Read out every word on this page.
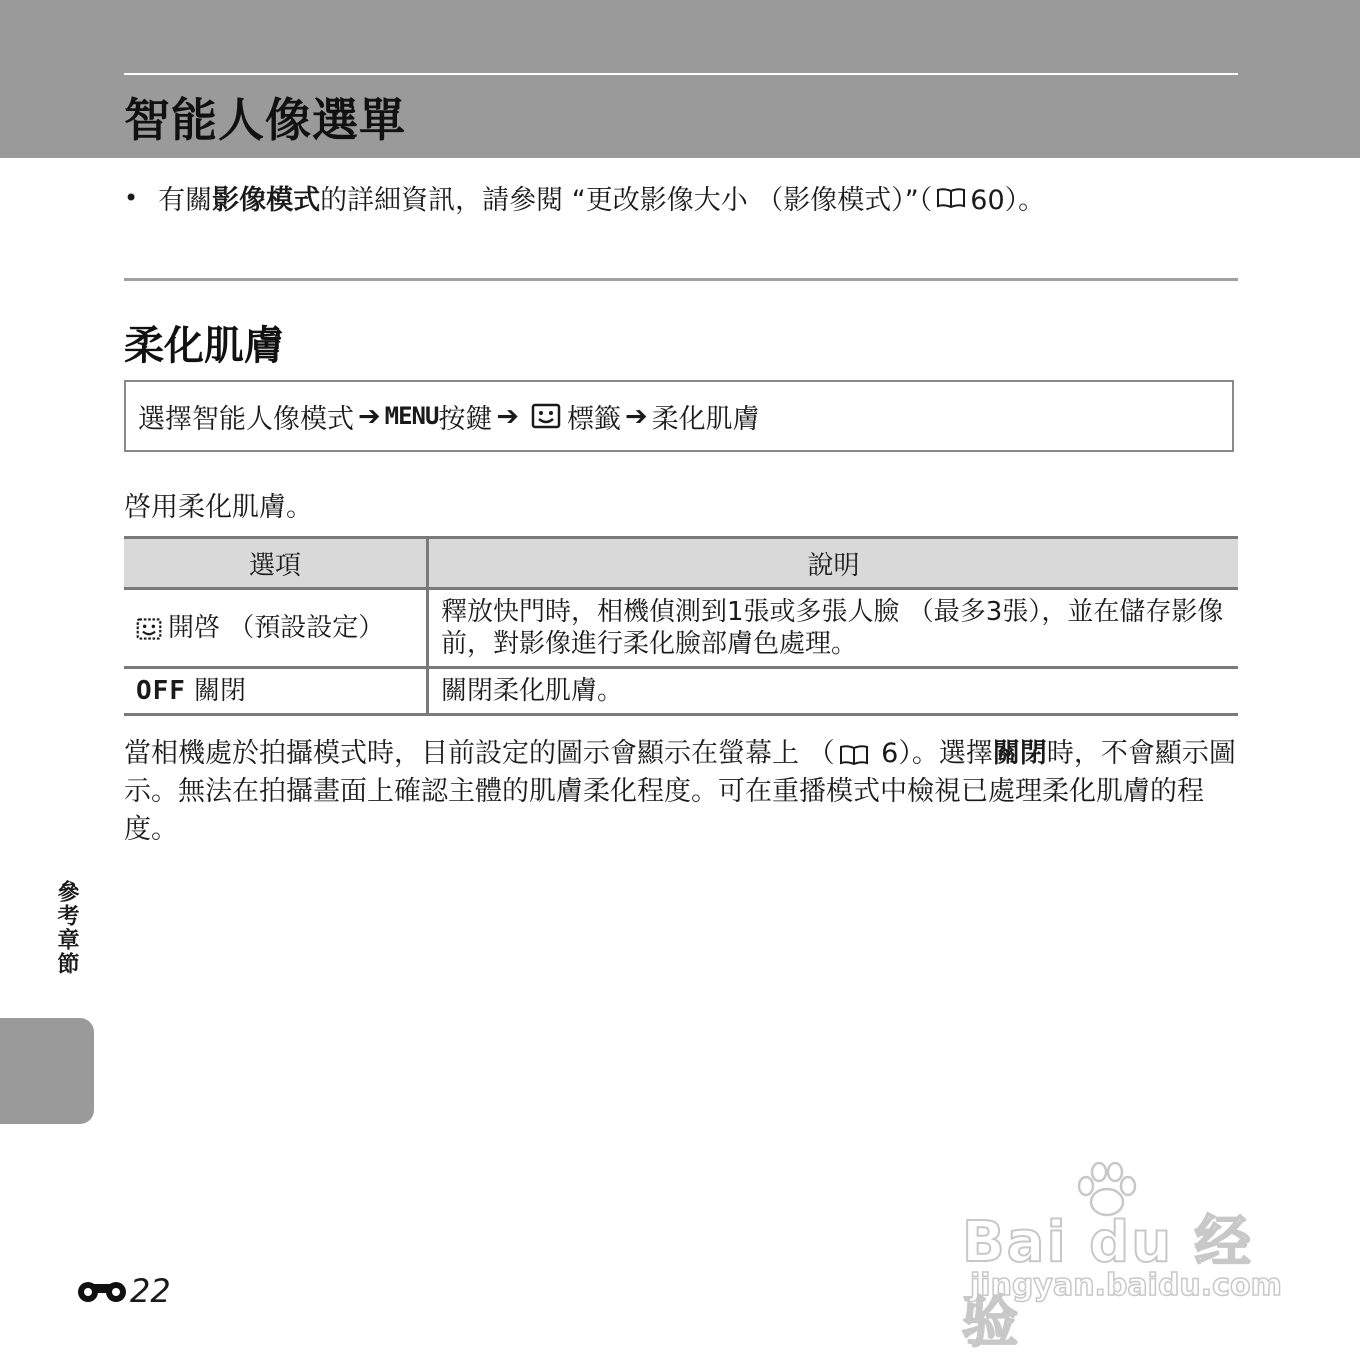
智能人像選單
• 有關 影像模式 的詳細資訊，請參閱 “更改影像大小 （影像模式）”（ 60）。
柔化肌膚
選擇智能人像模式 ➔ MENU 按鍵 ➔ 標籤 ➔ 柔化肌膚
啓用柔化肌膚。
選項	說明
開啓 （預設設定）	釋放快門時，相機偵測到1張或多張人臉 （最多3張），並在儲存影像前，對影像進行柔化臉部膚色處理。
OFF 關閉	關閉柔化肌膚。
當相機處於拍攝模式時，目前設定的圖示會顯示在螢幕上 （ 6）。選擇關閉時，不會顯示圖示。無法在拍攝畫面上確認主體的肌膚柔化程度。可在重播模式中檢視已處理柔化肌膚的程度。
參考章節
22
Bai du 经验
jingyan.baidu.com
